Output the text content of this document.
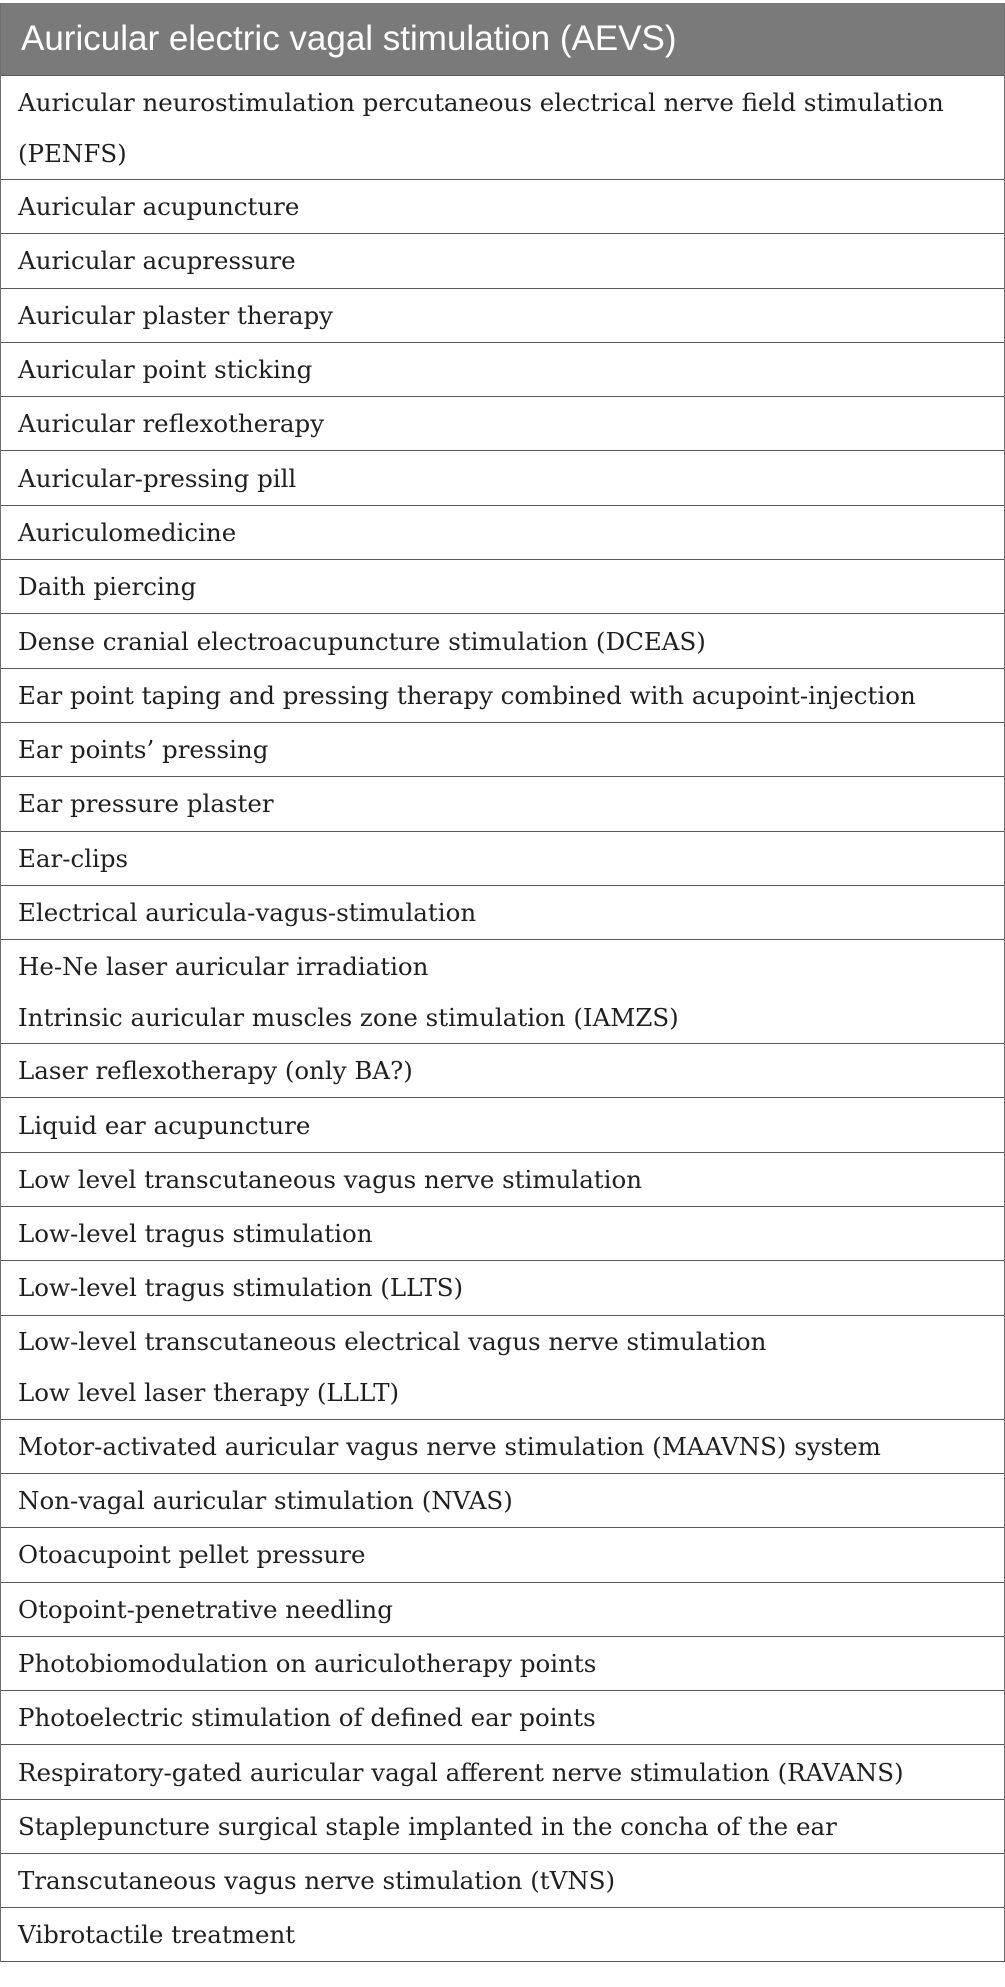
Auricular electric vagal stimulation (AEVS)
Auricular neurostimulation percutaneous electrical nerve field stimulation
(PENFS)
Auricular acupuncture
Auricular acupressure
Auricular plaster therapy
Auricular point sticking
Auricular reflexotherapy
Auricular-pressing pill
Auriculomedicine
Daith piercing
Dense cranial electroacupuncture stimulation (DCEAS)
Ear point taping and pressing therapy combined with acupoint-injection
Ear points’ pressing
Ear pressure plaster
Ear-clips
Electrical auricula-vagus-stimulation
He-Ne laser auricular irradiation
Intrinsic auricular muscles zone stimulation (IAMZS)
Laser reflexotherapy (only BA?)
Liquid ear acupuncture
Low level transcutaneous vagus nerve stimulation
Low-level tragus stimulation
Low-level tragus stimulation (LLTS)
Low-level transcutaneous electrical vagus nerve stimulation
Low level laser therapy (LLLT)
Motor-activated auricular vagus nerve stimulation (MAAVNS) system
Non-vagal auricular stimulation (NVAS)
Otoacupoint pellet pressure
Otopoint-penetrative needling
Photobiomodulation on auriculotherapy points
Photoelectric stimulation of defined ear points
Respiratory-gated auricular vagal afferent nerve stimulation (RAVANS)
Staplepuncture surgical staple implanted in the concha of the ear
Transcutaneous vagus nerve stimulation (tVNS)
Vibrotactile treatment
